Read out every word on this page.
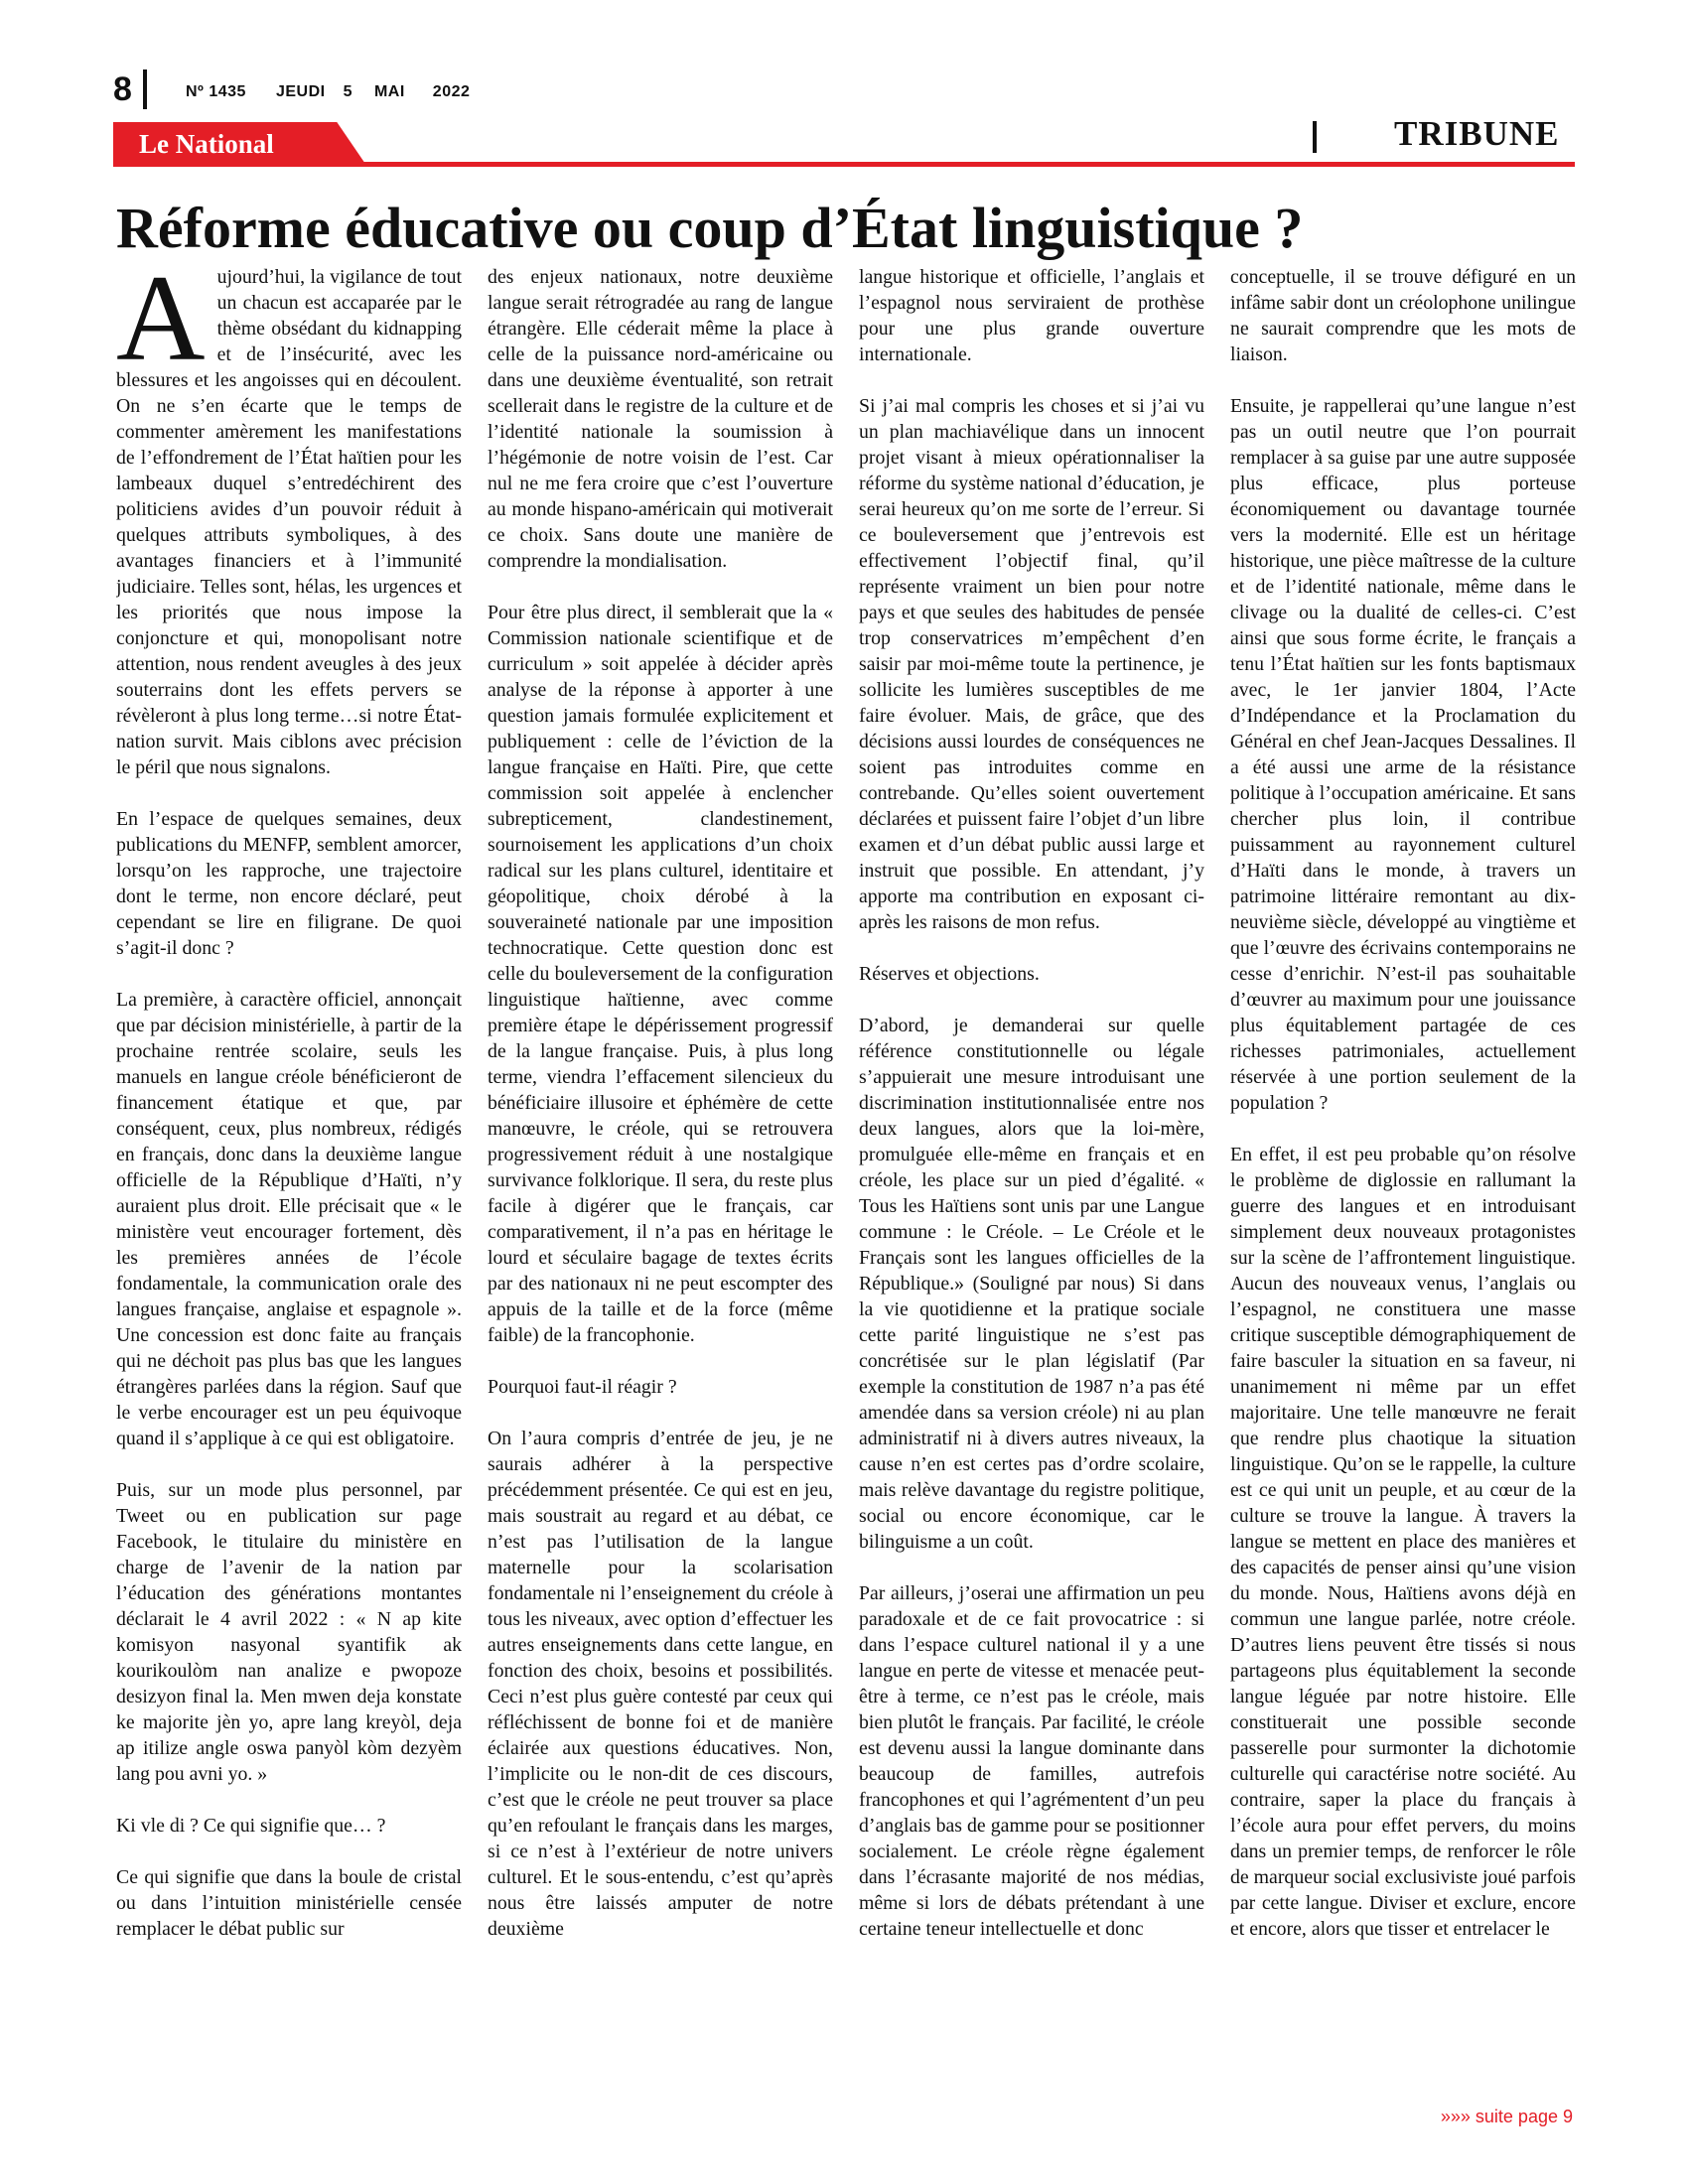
8	Nº 1435 JEUDI 5 MAI 2022
Le National	TRIBUNE
Réforme éducative ou coup d’État linguistique ?

Aujourd’hui, la vigilance de tout un chacun est accaparée par le thème obsédant du kidnapping et de l’insécurité, avec les blessures et les angoisses qui en découlent. On ne s’en écarte que le temps de commenter amèrement les manifestations de l’effondrement de l’État haïtien pour les lambeaux duquel s’entredéchirent des politiciens avides d’un pouvoir réduit à quelques attributs symboliques, à des avantages financiers et à l’immunité judiciaire. Telles sont, hélas, les urgences et les priorités que nous impose la conjoncture et qui, monopolisant notre attention, nous rendent aveugles à des jeux souterrains dont les effets pervers se révèleront à plus long terme…si notre État-nation survit. Mais ciblons avec précision le péril que nous signalons.

En l’espace de quelques semaines, deux publications du MENFP, semblent amorcer, lorsqu’on les rapproche, une trajectoire dont le terme, non encore déclaré, peut cependant se lire en filigrane. De quoi s’agit-il donc ?

La première, à caractère officiel, annonçait que par décision ministérielle, à partir de la prochaine rentrée scolaire, seuls les manuels en langue créole bénéficieront de financement étatique et que, par conséquent, ceux, plus nombreux, rédigés en français, donc dans la deuxième langue officielle de la République d’Haïti, n’y auraient plus droit. Elle précisait que « le ministère veut encourager fortement, dès les premières années de l’école fondamentale, la communication orale des langues française, anglaise et espagnole ». Une concession est donc faite au français qui ne déchoit pas plus bas que les langues étrangères parlées dans la région. Sauf que le verbe encourager est un peu équivoque quand il s’applique à ce qui est obligatoire.

Puis, sur un mode plus personnel, par Tweet ou en publication sur page Facebook, le titulaire du ministère en charge de l’avenir de la nation par l’éducation des générations montantes déclarait le 4 avril 2022 : « N ap kite komisyon nasyonal syantifik ak kourikoulòm nan analize e pwopoze desizyon final la. Men mwen deja konstate ke majorite jèn yo, apre lang kreyòl, deja ap itilize angle oswa panyòl kòm dezyèm lang pou avni yo. »

Ki vle di ? Ce qui signifie que… ?

Ce qui signifie que dans la boule de cristal ou dans l’intuition ministérielle censée remplacer le débat public sur

des enjeux nationaux, notre deuxième langue serait rétrogradée au rang de langue étrangère. Elle céderait même la place à celle de la puissance nord-américaine ou dans une deuxième éventualité, son retrait scellerait dans le registre de la culture et de l’identité nationale la soumission à l’hégémonie de notre voisin de l’est. Car nul ne me fera croire que c’est l’ouverture au monde hispano-américain qui motiverait ce choix. Sans doute une manière de comprendre la mondialisation.

Pour être plus direct, il semblerait que la « Commission nationale scientifique et de curriculum » soit appelée à décider après analyse de la réponse à apporter à une question jamais formulée explicitement et publiquement : celle de l’éviction de la langue française en Haïti. Pire, que cette commission soit appelée à enclencher subrepticement, clandestinement, sournoisement les applications d’un choix radical sur les plans culturel, identitaire et géopolitique, choix dérobé à la souveraineté nationale par une imposition technocratique. Cette question donc est celle du bouleversement de la configuration linguistique haïtienne, avec comme première étape le dépérissement progressif de la langue française. Puis, à plus long terme, viendra l’effacement silencieux du bénéficiaire illusoire et éphémère de cette manœuvre, le créole, qui se retrouvera progressivement réduit à une nostalgique survivance folklorique. Il sera, du reste plus facile à digérer que le français, car comparativement, il n’a pas en héritage le lourd et séculaire bagage de textes écrits par des nationaux ni ne peut escompter des appuis de la taille et de la force (même faible) de la francophonie.

Pourquoi faut-il réagir ?

On l’aura compris d’entrée de jeu, je ne saurais adhérer à la perspective précédemment présentée. Ce qui est en jeu, mais soustrait au regard et au débat, ce n’est pas l’utilisation de la langue maternelle pour la scolarisation fondamentale ni l’enseignement du créole à tous les niveaux, avec option d’effectuer les autres enseignements dans cette langue, en fonction des choix, besoins et possibilités. Ceci n’est plus guère contesté par ceux qui réfléchissent de bonne foi et de manière éclairée aux questions éducatives. Non, l’implicite ou le non-dit de ces discours, c’est que le créole ne peut trouver sa place qu’en refoulant le français dans les marges, si ce n’est à l’extérieur de notre univers culturel. Et le sous-entendu, c’est qu’après nous être laissés amputer de notre deuxième

langue historique et officielle, l’anglais et l’espagnol nous serviraient de prothèse pour une plus grande ouverture internationale.

Si j’ai mal compris les choses et si j’ai vu un plan machiavélique dans un innocent projet visant à mieux opérationnaliser la réforme du système national d’éducation, je serai heureux qu’on me sorte de l’erreur. Si ce bouleversement que j’entrevois est effectivement l’objectif final, qu’il représente vraiment un bien pour notre pays et que seules des habitudes de pensée trop conservatrices m’empêchent d’en saisir par moi-même toute la pertinence, je sollicite les lumières susceptibles de me faire évoluer. Mais, de grâce, que des décisions aussi lourdes de conséquences ne soient pas introduites comme en contrebande. Qu’elles soient ouvertement déclarées et puissent faire l’objet d’un libre examen et d’un débat public aussi large et instruit que possible. En attendant, j’y apporte ma contribution en exposant ci-après les raisons de mon refus.

Réserves et objections.

D’abord, je demanderai sur quelle référence constitutionnelle ou légale s’appuierait une mesure introduisant une discrimination institutionnalisée entre nos deux langues, alors que la loi-mère, promulguée elle-même en français et en créole, les place sur un pied d’égalité. « Tous les Haïtiens sont unis par une Langue commune : le Créole. – Le Créole et le Français sont les langues officielles de la République.» (Souligné par nous) Si dans la vie quotidienne et la pratique sociale cette parité linguistique ne s’est pas concrétisée sur le plan législatif (Par exemple la constitution de 1987 n’a pas été amendée dans sa version créole) ni au plan administratif ni à divers autres niveaux, la cause n’en est certes pas d’ordre scolaire, mais relève davantage du registre politique, social ou encore économique, car le bilinguisme a un coût.

Par ailleurs, j’oserai une affirmation un peu paradoxale et de ce fait provocatrice : si dans l’espace culturel national il y a une langue en perte de vitesse et menacée peut-être à terme, ce n’est pas le créole, mais bien plutôt le français. Par facilité, le créole est devenu aussi la langue dominante dans beaucoup de familles, autrefois francophones et qui l’agrémentent d’un peu d’anglais bas de gamme pour se positionner socialement. Le créole règne également dans l’écrasante majorité de nos médias, même si lors de débats prétendant à une certaine teneur intellectuelle et donc

conceptuelle, il se trouve défiguré en un infâme sabir dont un créolophone unilingue ne saurait comprendre que les mots de liaison.

Ensuite, je rappellerai qu’une langue n’est pas un outil neutre que l’on pourrait remplacer à sa guise par une autre supposée plus efficace, plus porteuse économiquement ou davantage tournée vers la modernité. Elle est un héritage historique, une pièce maîtresse de la culture et de l’identité nationale, même dans le clivage ou la dualité de celles-ci. C’est ainsi que sous forme écrite, le français a tenu l’État haïtien sur les fonts baptismaux avec, le 1er janvier 1804, l’Acte d’Indépendance et la Proclamation du Général en chef Jean-Jacques Dessalines. Il a été aussi une arme de la résistance politique à l’occupation américaine. Et sans chercher plus loin, il contribue puissamment au rayonnement culturel d’Haïti dans le monde, à travers un patrimoine littéraire remontant au dix-neuvième siècle, développé au vingtième et que l’œuvre des écrivains contemporains ne cesse d’enrichir. N’est-il pas souhaitable d’œuvrer au maximum pour une jouissance plus équitablement partagée de ces richesses patrimoniales, actuellement réservée à une portion seulement de la population ?

En effet, il est peu probable qu’on résolve le problème de diglossie en rallumant la guerre des langues et en introduisant simplement deux nouveaux protagonistes sur la scène de l’affrontement linguistique. Aucun des nouveaux venus, l’anglais ou l’espagnol, ne constituera une masse critique susceptible démographiquement de faire basculer la situation en sa faveur, ni unanimement ni même par un effet majoritaire. Une telle manœuvre ne ferait que rendre plus chaotique la situation linguistique. Qu’on se le rappelle, la culture est ce qui unit un peuple, et au cœur de la culture se trouve la langue. À travers la langue se mettent en place des manières et des capacités de penser ainsi qu’une vision du monde. Nous, Haïtiens avons déjà en commun une langue parlée, notre créole. D’autres liens peuvent être tissés si nous partageons plus équitablement la seconde langue léguée par notre histoire. Elle constituerait une possible seconde passerelle pour surmonter la dichotomie culturelle qui caractérise notre société. Au contraire, saper la place du français à l’école aura pour effet pervers, du moins dans un premier temps, de renforcer le rôle de marqueur social exclusiviste joué parfois par cette langue. Diviser et exclure, encore et encore, alors que tisser et entrelacer le

»»» suite page 9
